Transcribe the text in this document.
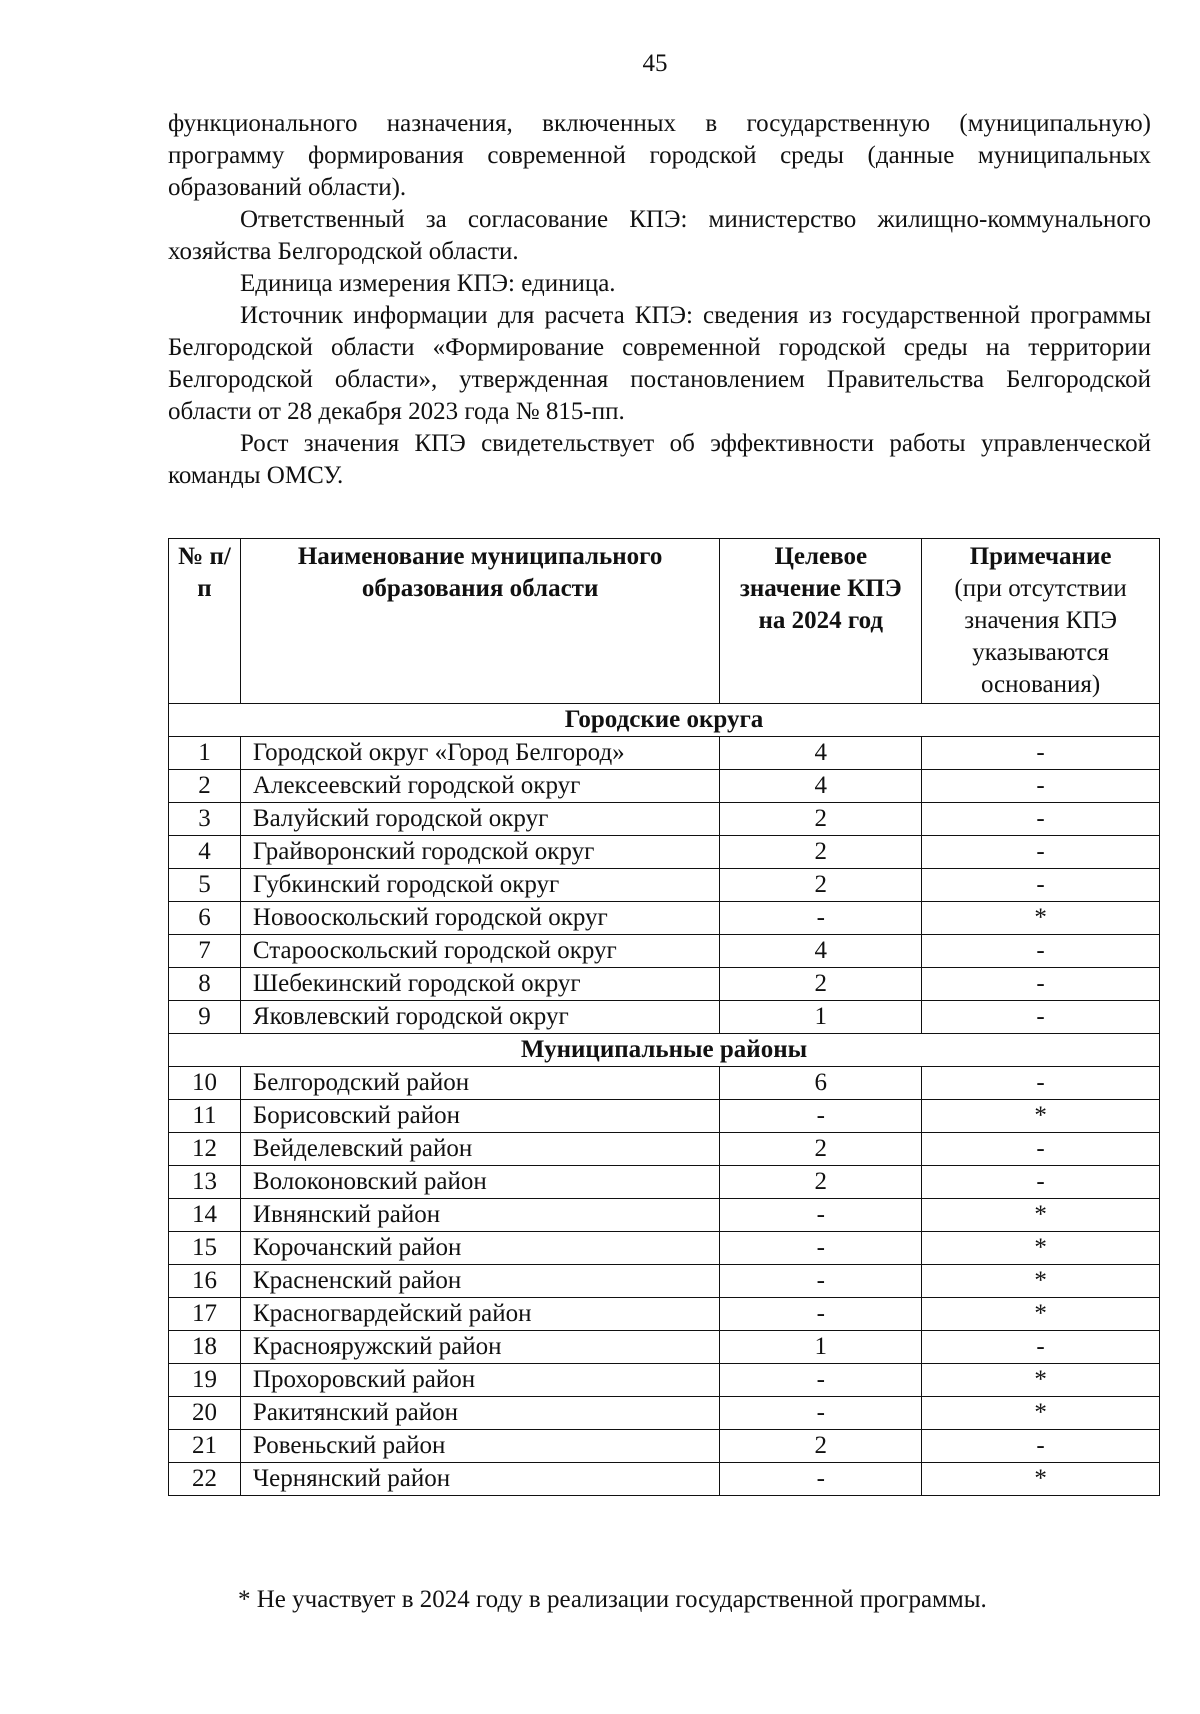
45

функционального назначения, включенных в государственную (муниципальную) программу формирования современной городской среды (данные муниципальных образований области).

Ответственный за согласование КПЭ: министерство жилищно-коммунального хозяйства Белгородской области.

Единица измерения КПЭ: единица.

Источник информации для расчета КПЭ: сведения из государственной программы Белгородской области «Формирование современной городской среды на территории Белгородской области», утвержденная постановлением Правительства Белгородской области от 28 декабря 2023 года № 815-пп.

Рост значения КПЭ свидетельствует об эффективности работы управленческой команды ОМСУ.

№ п/п	Наименование муниципального образования области	Целевое значение КПЭ на 2024 год	Примечание
(при отсутствии значения КПЭ указываются основания)

Городские округа			
1	Городской округ «Город Белгород»	4	-
2	Алексеевский городской округ	4	-
3	Валуйский городской округ	2	-
4	Грайворонский городской округ	2	-
5	Губкинский городской округ	2	-
6	Новооскольский городской округ	-	*
7	Старооскольский городской округ	4	-
8	Шебекинский городской округ	2	-
9	Яковлевский городской округ	1	-
Муниципальные районы			
10	Белгородский район	6	-
11	Борисовский район	-	*
12	Вейделевский район	2	-
13	Волоконовский район	2	-
14	Ивнянский район	-	*
15	Корочанский район	-	*
16	Красненский район	-	*
17	Красногвардейский район	-	*
18	Краснояружский район	1	-
19	Прохоровский район	-	*
20	Ракитянский район	-	*
21	Ровеньский район	2	-
22	Чернянский район	-	*
* Не участвует в 2024 году в реализации государственной программы.
